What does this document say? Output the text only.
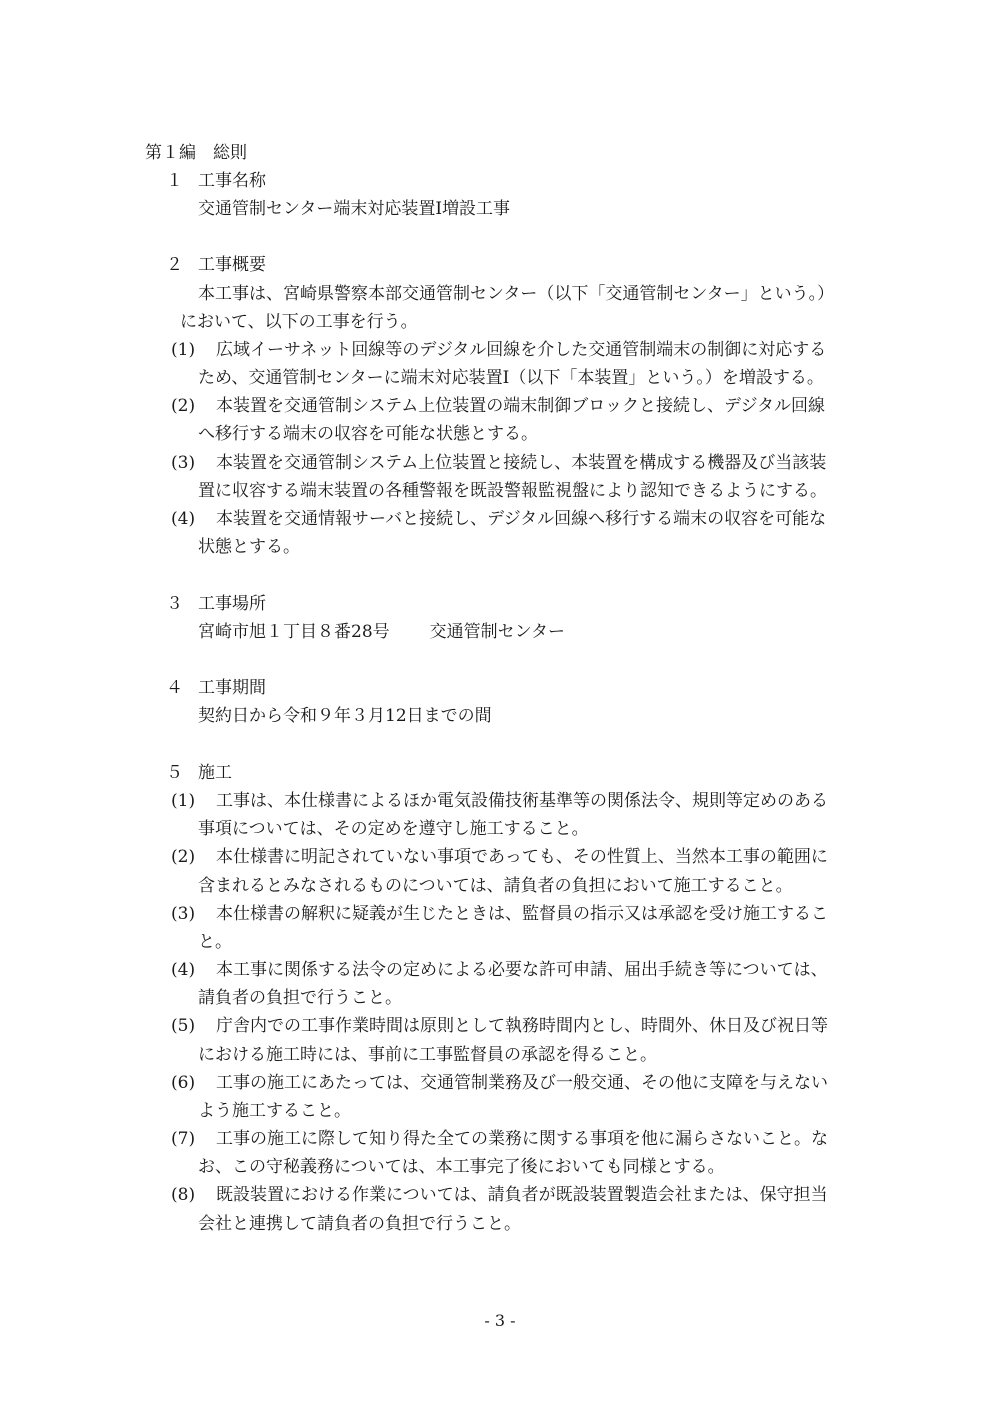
第１編　総則
１ 工事名称
交通管制センター端末対応装置Ⅰ増設工事
２ 工事概要
本工事は、宮崎県警察本部交通管制センター（以下「交通管制センター」という。）
において、以下の工事を行う。
(1) 広域イーサネット回線等のデジタル回線を介した交通管制端末の制御に対応する
ため、交通管制センターに端末対応装置Ⅰ（以下「本装置」という。）を増設する。
(2) 本装置を交通管制システム上位装置の端末制御ブロックと接続し、デジタル回線
へ移行する端末の収容を可能な状態とする。
(3) 本装置を交通管制システム上位装置と接続し、本装置を構成する機器及び当該装
置に収容する端末装置の各種警報を既設警報監視盤により認知できるようにする。
(4) 本装置を交通情報サーバと接続し、デジタル回線へ移行する端末の収容を可能な
状態とする。
３ 工事場所
宮崎市旭１丁目８番28号 交通管制センター
４ 工事期間
契約日から令和９年３月12日までの間
５ 施工
(1) 工事は、本仕様書によるほか電気設備技術基準等の関係法令、規則等定めのある
事項については、その定めを遵守し施工すること。
(2) 本仕様書に明記されていない事項であっても、その性質上、当然本工事の範囲に
含まれるとみなされるものについては、請負者の負担において施工すること。
(3) 本仕様書の解釈に疑義が生じたときは、監督員の指示又は承認を受け施工するこ
と。
(4) 本工事に関係する法令の定めによる必要な許可申請、届出手続き等については、
請負者の負担で行うこと。
(5) 庁舎内での工事作業時間は原則として執務時間内とし、時間外、休日及び祝日等
における施工時には、事前に工事監督員の承認を得ること。
(6) 工事の施工にあたっては、交通管制業務及び一般交通、その他に支障を与えない
よう施工すること。
(7) 工事の施工に際して知り得た全ての業務に関する事項を他に漏らさないこと。な
お、この守秘義務については、本工事完了後においても同様とする。
(8) 既設装置における作業については、請負者が既設装置製造会社または、保守担当
会社と連携して請負者の負担で行うこと。
- 3 -
